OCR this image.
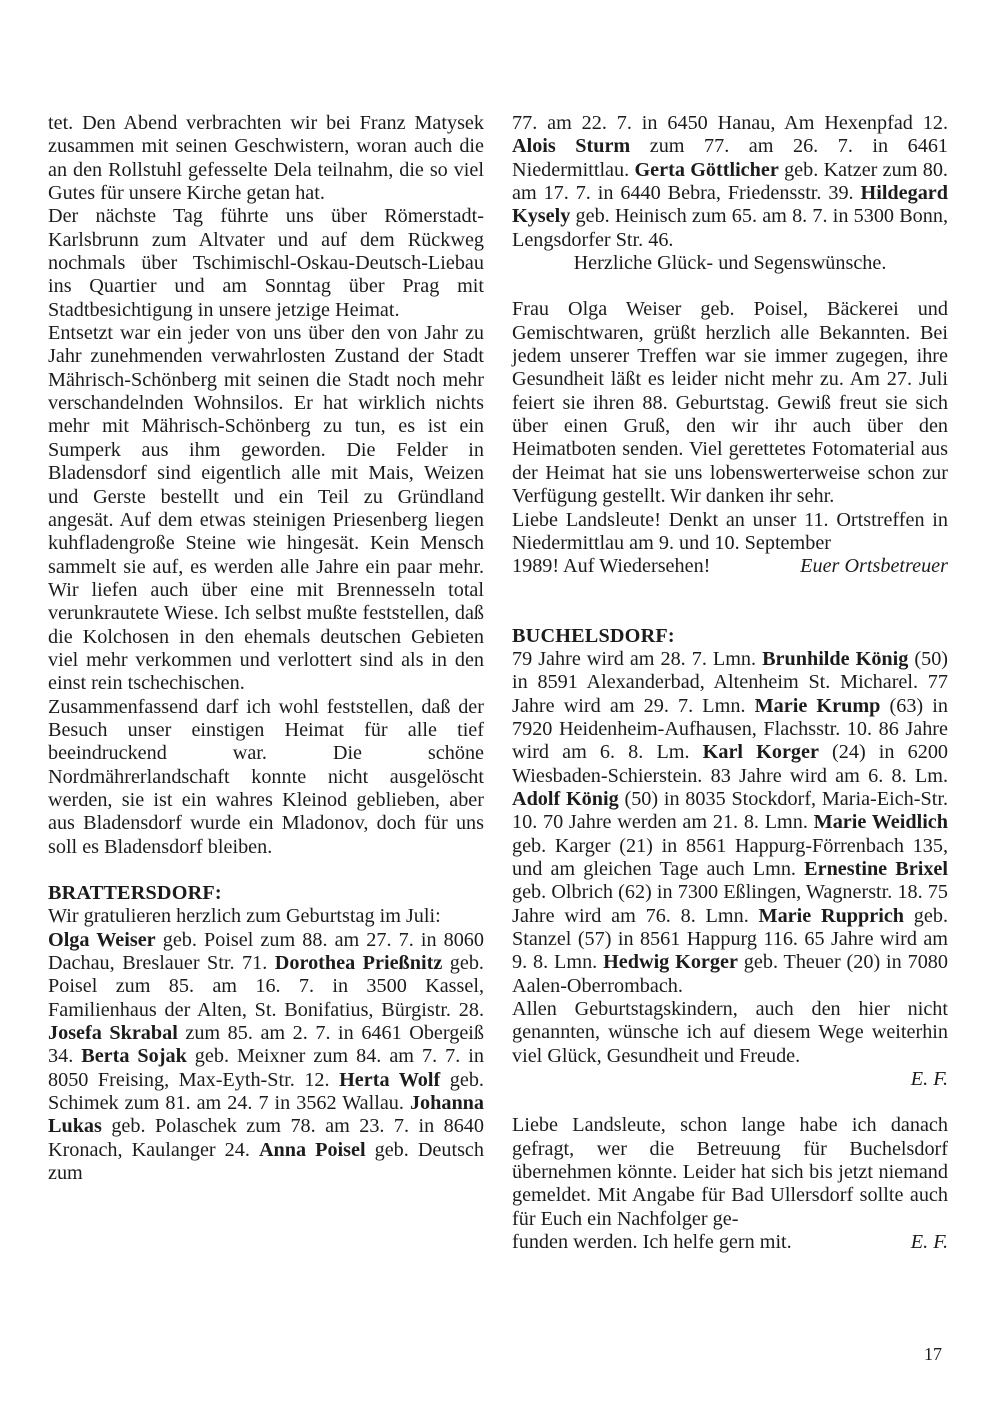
tet. Den Abend verbrachten wir bei Franz Matysek zusammen mit seinen Geschwistern, woran auch die an den Rollstuhl gefesselte Dela teilnahm, die so viel Gutes für unsere Kirche getan hat.

Der nächste Tag führte uns über Römerstadt-Karlsbrunn zum Altvater und auf dem Rückweg nochmals über Tschimischl-Oskau-Deutsch-Liebau ins Quartier und am Sonntag über Prag mit Stadtbesichtigung in unsere jetzige Heimat.

Entsetzt war ein jeder von uns über den von Jahr zu Jahr zunehmenden verwahrlosten Zustand der Stadt Mährisch-Schönberg mit seinen die Stadt noch mehr verschandelnden Wohnsilos. Er hat wirklich nichts mehr mit Mährisch-Schönberg zu tun, es ist ein Sumperk aus ihm geworden. Die Felder in Bladensdorf sind eigentlich alle mit Mais, Weizen und Gerste bestellt und ein Teil zu Gründland angesät. Auf dem etwas steinigen Priesenberg liegen kuhfladengroße Steine wie hingesät. Kein Mensch sammelt sie auf, es werden alle Jahre ein paar mehr. Wir liefen auch über eine mit Brennesseln total verunkrautete Wiese. Ich selbst mußte feststellen, daß die Kolchosen in den ehemals deutschen Gebieten viel mehr verkommen und verlottert sind als in den einst rein tschechischen.

Zusammenfassend darf ich wohl feststellen, daß der Besuch unser einstigen Heimat für alle tief beeindruckend war. Die schöne Nordmährerlandschaft konnte nicht ausgelöscht werden, sie ist ein wahres Kleinod geblieben, aber aus Bladensdorf wurde ein Mladonov, doch für uns soll es Bladensdorf bleiben.

BRATTERSDORF:

Wir gratulieren herzlich zum Geburtstag im Juli:

Olga Weiser geb. Poisel zum 88. am 27. 7. in 8060 Dachau, Breslauer Str. 71. Dorothea Prießnitz geb. Poisel zum 85. am 16. 7. in 3500 Kassel, Familienhaus der Alten, St. Bonifatius, Bürgistr. 28. Josefa Skrabal zum 85. am 2. 7. in 6461 Obergeiß 34. Berta Sojak geb. Meixner zum 84. am 7. 7. in 8050 Freising, Max-Eyth-Str. 12. Herta Wolf geb. Schimek zum 81. am 24. 7 in 3562 Wallau. Johanna Lukas geb. Polaschek zum 78. am 23. 7. in 8640 Kronach, Kaulanger 24. Anna Poisel geb. Deutsch zum

77. am 22. 7. in 6450 Hanau, Am Hexenpfad 12. Alois Sturm zum 77. am 26. 7. in 6461 Niedermittlau. Gerta Göttlicher geb. Katzer zum 80. am 17. 7. in 6440 Bebra, Friedensstr. 39. Hildegard Kysely geb. Heinisch zum 65. am 8. 7. in 5300 Bonn, Lengsdorfer Str. 46.

Herzliche Glück- und Segenswünsche.

Frau Olga Weiser geb. Poisel, Bäckerei und Gemischtwaren, grüßt herzlich alle Bekannten. Bei jedem unserer Treffen war sie immer zugegen, ihre Gesundheit läßt es leider nicht mehr zu. Am 27. Juli feiert sie ihren 88. Geburtstag. Gewiß freut sie sich über einen Gruß, den wir ihr auch über den Heimatboten senden. Viel gerettetes Fotomaterial aus der Heimat hat sie uns lobenswerterweise schon zur Verfügung gestellt. Wir danken ihr sehr.

Liebe Landsleute! Denkt an unser 11. Ortstreffen in Niedermittlau am 9. und 10. September

1989! Auf Wiedersehen!	Euer Ortsbetreuer
BUCHELSDORF:

79 Jahre wird am 28. 7. Lmn. Brunhilde König (50) in 8591 Alexanderbad, Altenheim St. Micharel. 77 Jahre wird am 29. 7. Lmn. Marie Krump (63) in 7920 Heidenheim-Aufhausen, Flachsstr. 10. 86 Jahre wird am 6. 8. Lm. Karl Korger (24) in 6200 Wiesbaden-Schierstein. 83 Jahre wird am 6. 8. Lm. Adolf König (50) in 8035 Stockdorf, Maria-Eich-Str. 10. 70 Jahre werden am 21. 8. Lmn. Marie Weidlich geb. Karger (21) in 8561 Happurg-Förrenbach 135, und am gleichen Tage auch Lmn. Ernestine Brixel geb. Olbrich (62) in 7300 Eßlingen, Wagnerstr. 18. 75 Jahre wird am 76. 8. Lmn. Marie Rupprich geb. Stanzel (57) in 8561 Happurg 116. 65 Jahre wird am 9. 8. Lmn. Hedwig Korger geb. Theuer (20) in 7080 Aalen-Oberrombach.

Allen Geburtstagskindern, auch den hier nicht genannten, wünsche ich auf diesem Wege weiterhin viel Glück, Gesundheit und Freude.

E. F.

Liebe Landsleute, schon lange habe ich danach gefragt, wer die Betreuung für Buchelsdorf übernehmen könnte. Leider hat sich bis jetzt niemand gemeldet. Mit Angabe für Bad Ullersdorf sollte auch für Euch ein Nachfolger ge-

funden werden. Ich helfe gern mit.	E. F.
17
